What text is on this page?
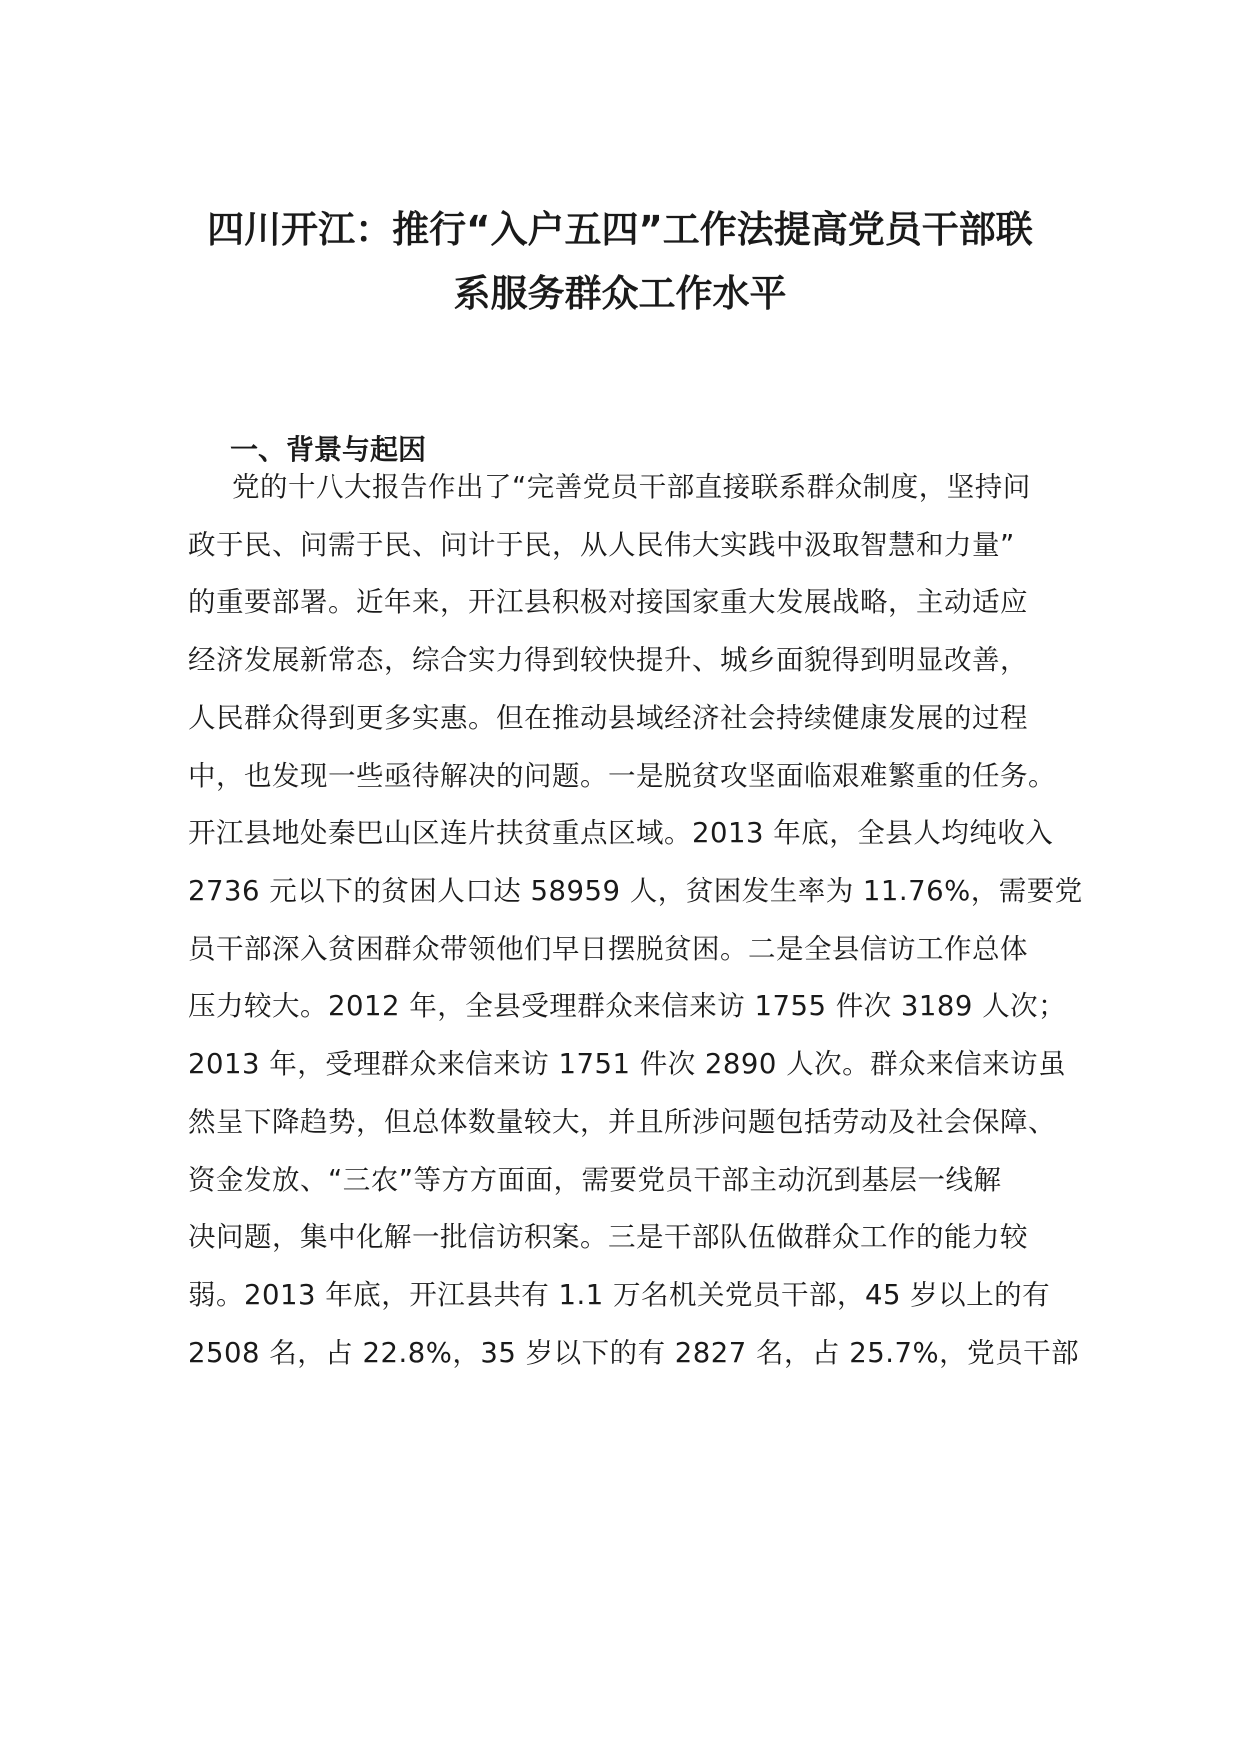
四川开江：推行“入户五四”工作法提高党员干部联
系服务群众工作水平
一、背景与起因
党的十八大报告作出了“完善党员干部直接联系群众制度，坚持问
政于民、问需于民、问计于民，从人民伟大实践中汲取智慧和力量”
的重要部署。近年来，开江县积极对接国家重大发展战略，主动适应
经济发展新常态，综合实力得到较快提升、城乡面貌得到明显改善，
人民群众得到更多实惠。但在推动县域经济社会持续健康发展的过程
中，也发现一些亟待解决的问题。一是脱贫攻坚面临艰难繁重的任务。
开江县地处秦巴山区连片扶贫重点区域。2013 年底，全县人均纯收入
2736 元以下的贫困人口达 58959 人，贫困发生率为 11.76%，需要党
员干部深入贫困群众带领他们早日摆脱贫困。二是全县信访工作总体
压力较大。2012 年，全县受理群众来信来访 1755 件次 3189 人次；
2013 年，受理群众来信来访 1751 件次 2890 人次。群众来信来访虽
然呈下降趋势，但总体数量较大，并且所涉问题包括劳动及社会保障、
资金发放、“三农”等方方面面，需要党员干部主动沉到基层一线解
决问题，集中化解一批信访积案。三是干部队伍做群众工作的能力较
弱。2013 年底，开江县共有 1.1 万名机关党员干部，45 岁以上的有
2508 名，占 22.8%，35 岁以下的有 2827 名，占 25.7%，党员干部
